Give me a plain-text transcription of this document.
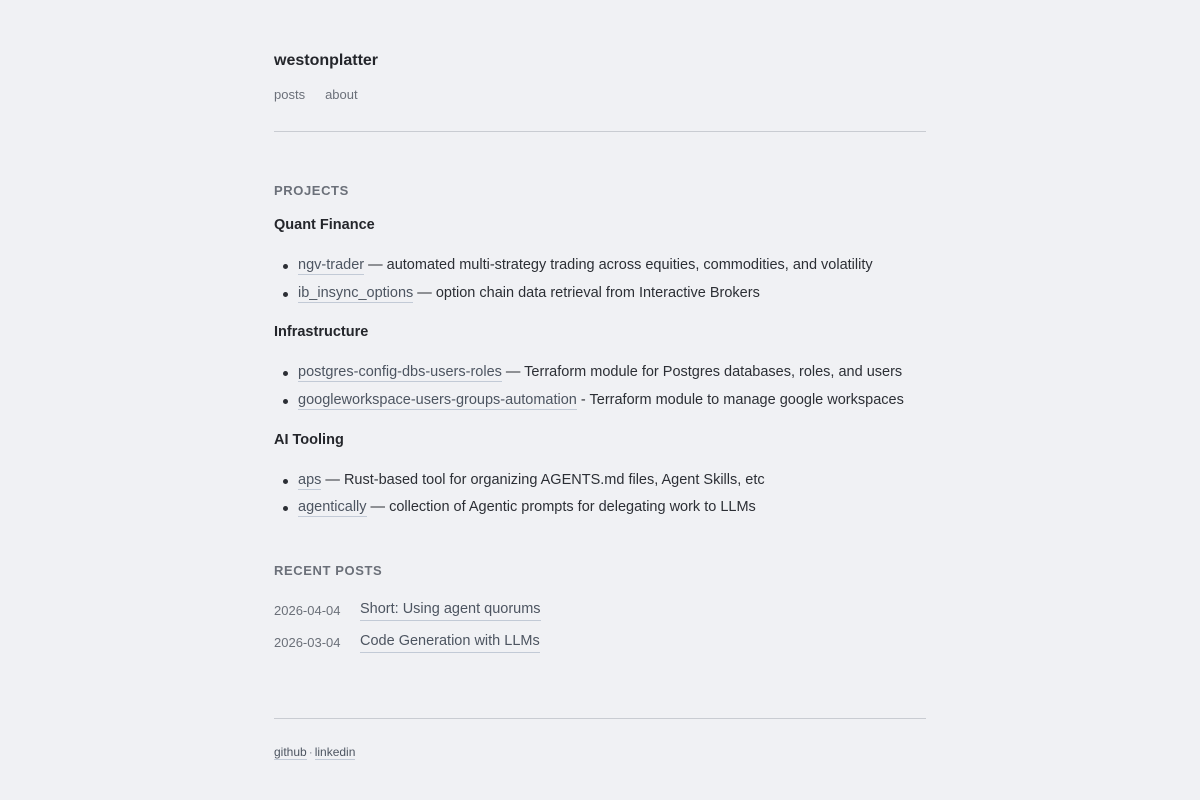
westonplatter
posts about
PROJECTS
Quant Finance
ngv-trader — automated multi-strategy trading across equities, commodities, and volatility
ib_insync_options — option chain data retrieval from Interactive Brokers
Infrastructure
postgres-config-dbs-users-roles — Terraform module for Postgres databases, roles, and users
googleworkspace-users-groups-automation - Terraform module to manage google workspaces
AI Tooling
aps — Rust-based tool for organizing AGENTS.md files, Agent Skills, etc
agentically — collection of Agentic prompts for delegating work to LLMs
RECENT POSTS
2026-04-04 Short: Using agent quorums
2026-03-04 Code Generation with LLMs
github · linkedin
